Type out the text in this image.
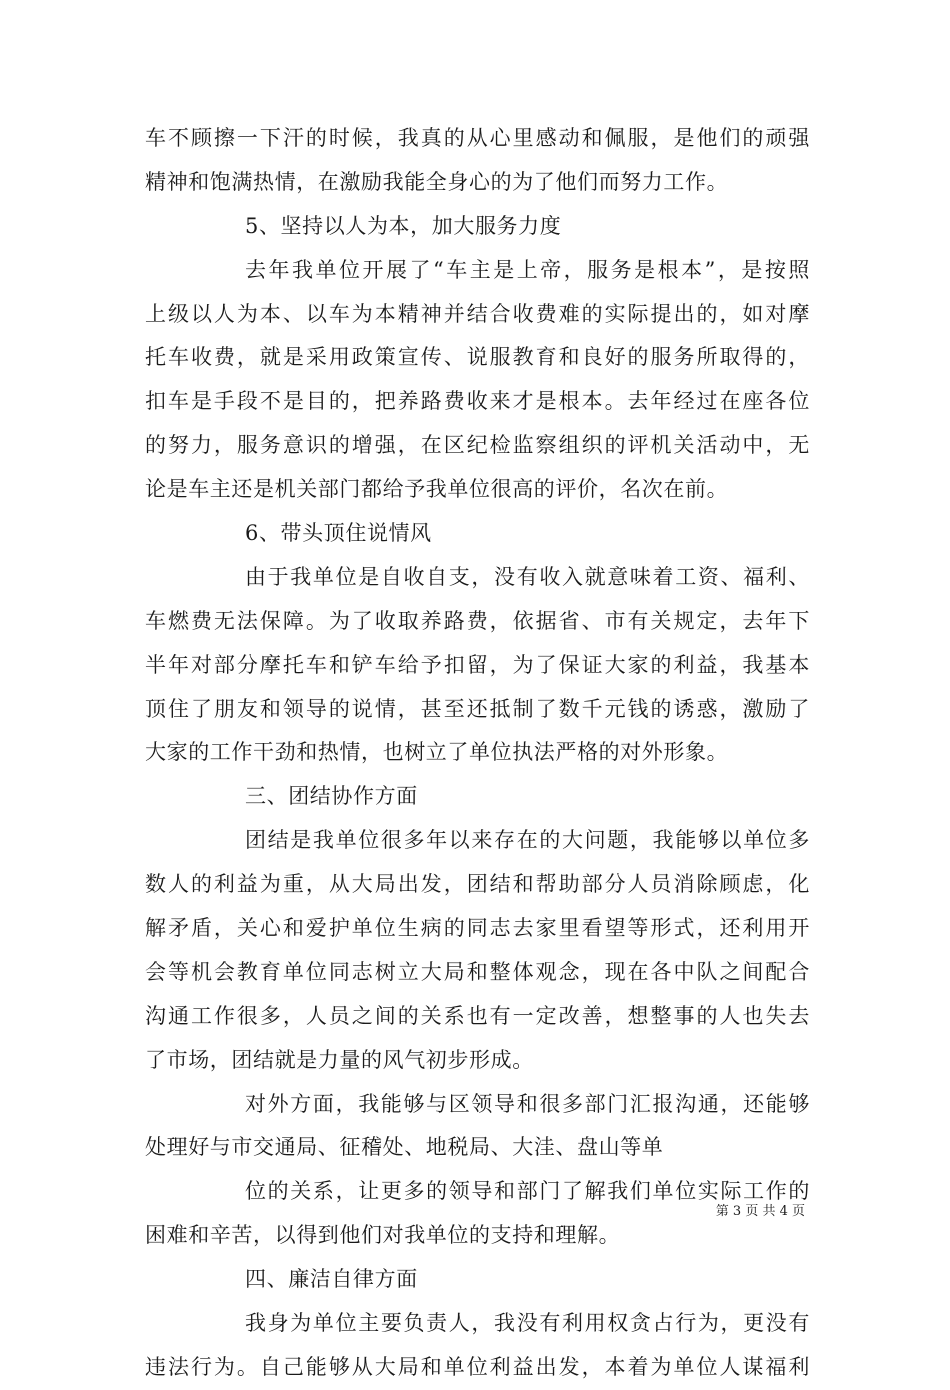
车不顾擦一下汗的时候，我真的从心里感动和佩服，是他们的顽强
精神和饱满热情，在激励我能全身心的为了他们而努力工作。
5、坚持以人为本，加大服务力度
去年我单位开展了“车主是上帝，服务是根本”，是按照
上级以人为本、以车为本精神并结合收费难的实际提出的，如对摩
托车收费，就是采用政策宣传、说服教育和良好的服务所取得的，
扣车是手段不是目的，把养路费收来才是根本。去年经过在座各位
的努力，服务意识的增强，在区纪检监察组织的评机关活动中，无
论是车主还是机关部门都给予我单位很高的评价，名次在前。
6、带头顶住说情风
由于我单位是自收自支，没有收入就意味着工资、福利、
车燃费无法保障。为了收取养路费，依据省、市有关规定，去年下
半年对部分摩托车和铲车给予扣留，为了保证大家的利益，我基本
顶住了朋友和领导的说情，甚至还抵制了数千元钱的诱惑，激励了
大家的工作干劲和热情，也树立了单位执法严格的对外形象。
三、团结协作方面
团结是我单位很多年以来存在的大问题，我能够以单位多
数人的利益为重，从大局出发，团结和帮助部分人员消除顾虑，化
解矛盾，关心和爱护单位生病的同志去家里看望等形式，还利用开
会等机会教育单位同志树立大局和整体观念，现在各中队之间配合
沟通工作很多，人员之间的关系也有一定改善，想整事的人也失去
了市场，团结就是力量的风气初步形成。
对外方面，我能够与区领导和很多部门汇报沟通，还能够
处理好与市交通局、征稽处、地税局、大洼、盘山等单
位的关系，让更多的领导和部门了解我们单位实际工作的
困难和辛苦，以得到他们对我单位的支持和理解。
四、廉洁自律方面
我身为单位主要负责人，我没有利用权贪占行为，更没有
违法行为。自己能够从大局和单位利益出发，本着为单位人谋福利
第 3 页 共 4 页
